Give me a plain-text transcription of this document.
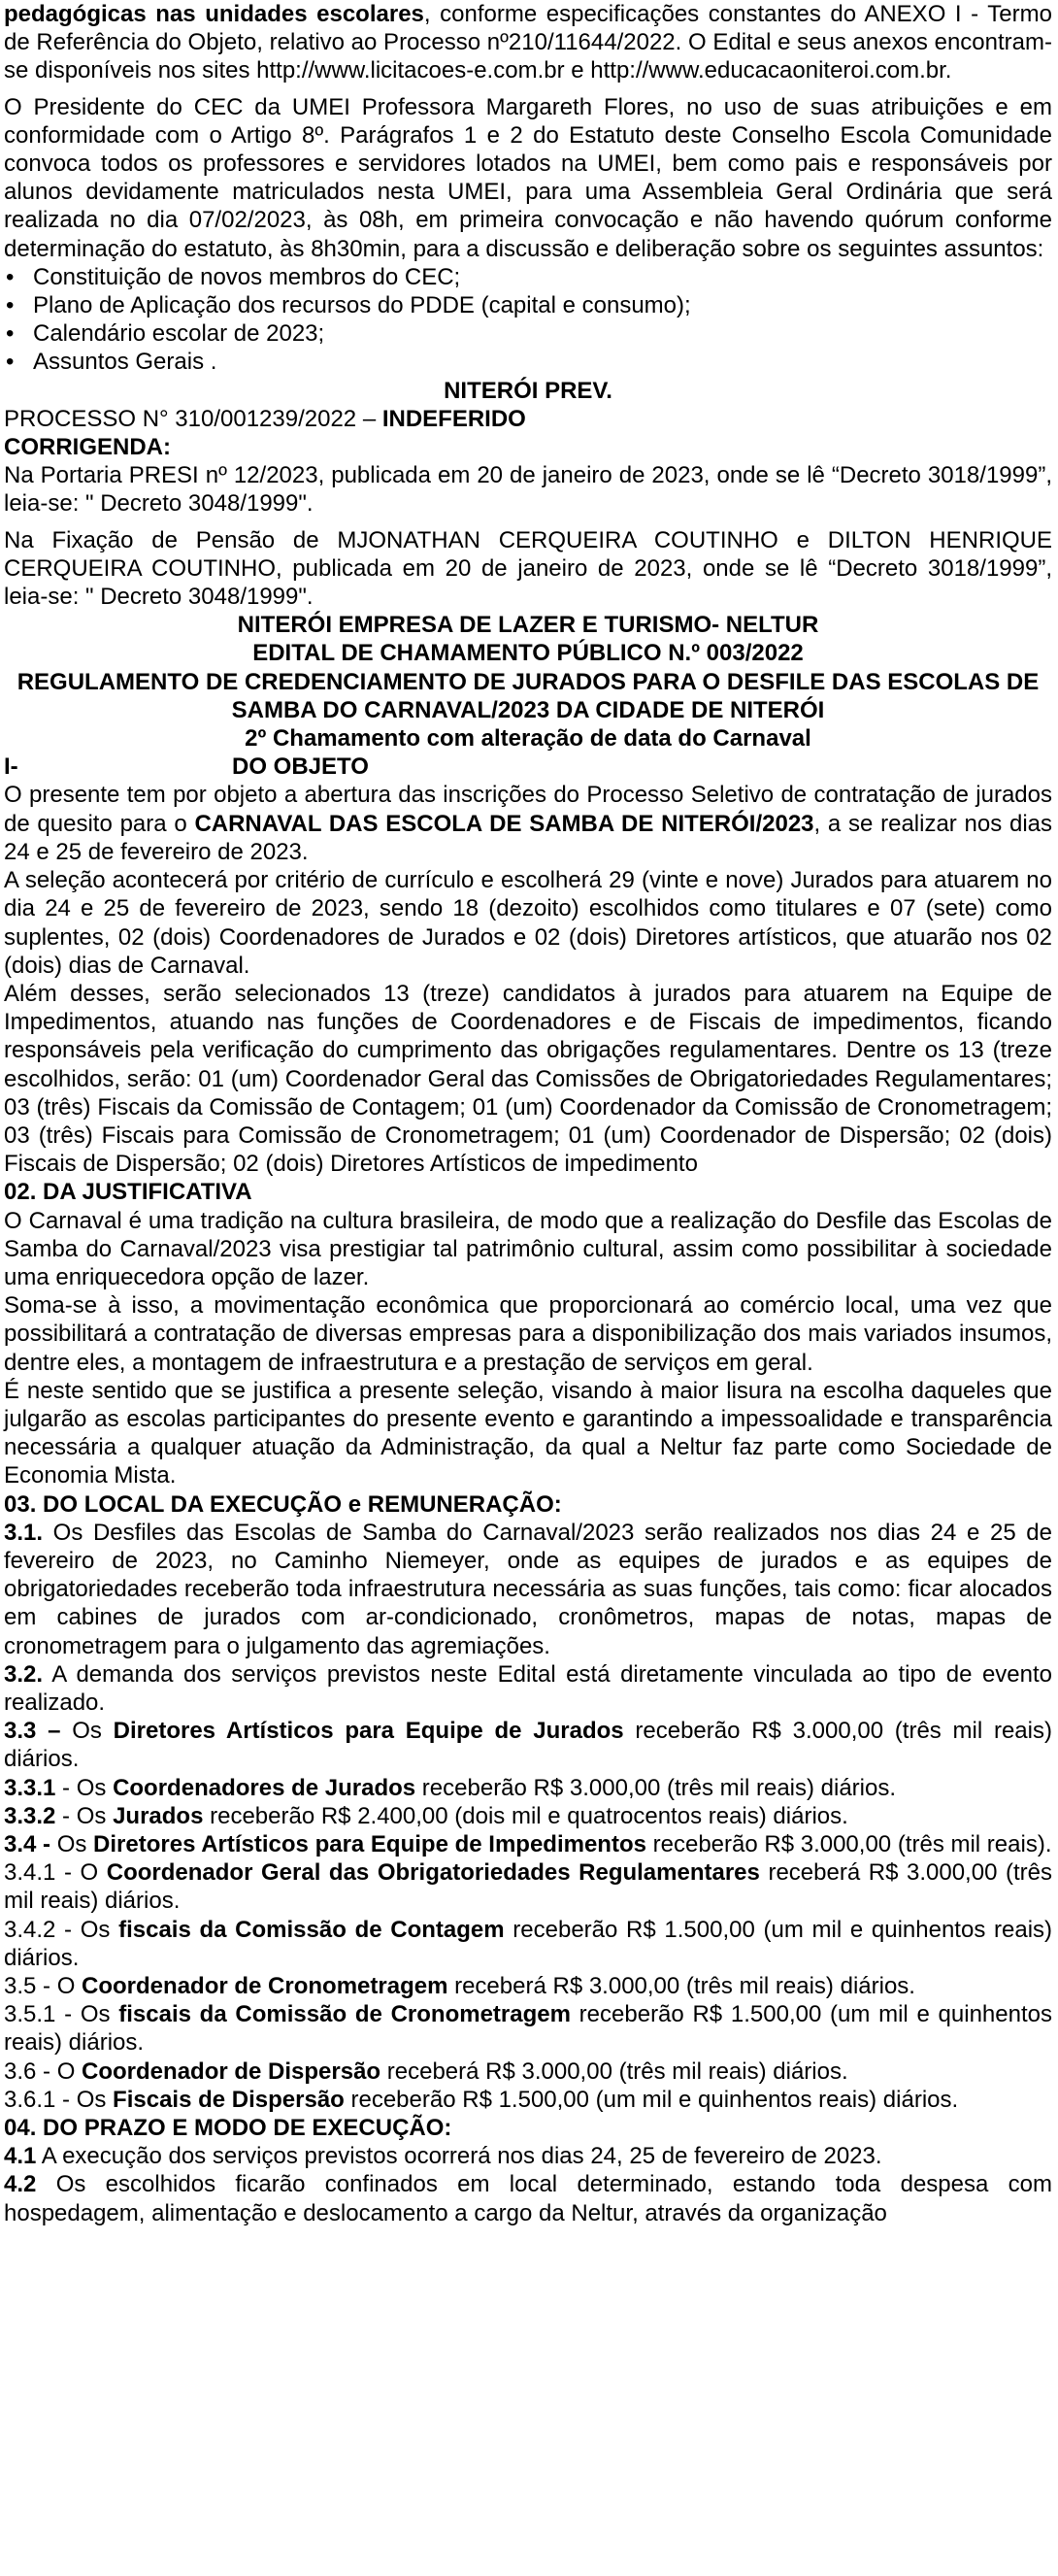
pedagógicas nas unidades escolares, conforme especificações constantes do ANEXO I - Termo de Referência do Objeto, relativo ao Processo nº210/11644/2022. O Edital e seus anexos encontram-se disponíveis nos sites http://www.licitacoes-e.com.br e http://www.educacaoniteroi.com.br.

O Presidente do CEC da UMEI Professora Margareth Flores, no uso de suas atribuições e em conformidade com o Artigo 8º. Parágrafos 1 e 2 do Estatuto deste Conselho Escola Comunidade convoca todos os professores e servidores lotados na UMEI, bem como pais e responsáveis por alunos devidamente matriculados nesta UMEI, para uma Assembleia Geral Ordinária que será realizada no dia 07/02/2023, às 08h, em primeira convocação e não havendo quórum conforme determinação do estatuto, às 8h30min, para a discussão e deliberação sobre os seguintes assuntos:

• Constituição de novos membros do CEC;
• Plano de Aplicação dos recursos do PDDE (capital e consumo);
• Calendário escolar de 2023;
• Assuntos Gerais .

NITERÓI PREV.

PROCESSO N° 310/001239/2022 – INDEFERIDO

CORRIGENDA:

Na Portaria PRESI nº 12/2023, publicada em 20 de janeiro de 2023, onde se lê “Decreto 3018/1999”, leia-se: " Decreto 3048/1999".

Na Fixação de Pensão de MJONATHAN CERQUEIRA COUTINHO e DILTON HENRIQUE CERQUEIRA COUTINHO, publicada em 20 de janeiro de 2023, onde se lê “Decreto 3018/1999”, leia-se: " Decreto 3048/1999".

NITERÓI EMPRESA DE LAZER E TURISMO- NELTUR

EDITAL DE CHAMAMENTO PÚBLICO N.º 003/2022

REGULAMENTO DE CREDENCIAMENTO DE JURADOS PARA O DESFILE DAS ESCOLAS DE SAMBA DO CARNAVAL/2023 DA CIDADE DE NITERÓI

2º Chamamento com alteração de data do Carnaval

I-	DO OBJETO

O presente tem por objeto a abertura das inscrições do Processo Seletivo de contratação de jurados de quesito para o CARNAVAL DAS ESCOLA DE SAMBA DE NITERÓI/2023, a se realizar nos dias 24 e 25 de fevereiro de 2023.

A seleção acontecerá por critério de currículo e escolherá 29 (vinte e nove) Jurados para atuarem no dia 24 e 25 de fevereiro de 2023, sendo 18 (dezoito) escolhidos como titulares e 07 (sete) como suplentes, 02 (dois) Coordenadores de Jurados e 02 (dois) Diretores artísticos, que atuarão nos 02 (dois) dias de Carnaval.

Além desses, serão selecionados 13 (treze) candidatos à jurados para atuarem na Equipe de Impedimentos, atuando nas funções de Coordenadores e de Fiscais de impedimentos, ficando responsáveis pela verificação do cumprimento das obrigações regulamentares. Dentre os 13 (treze escolhidos, serão: 01 (um) Coordenador Geral das Comissões de Obrigatoriedades Regulamentares; 03 (três) Fiscais da Comissão de Contagem; 01 (um) Coordenador da Comissão de Cronometragem; 03 (três) Fiscais para Comissão de Cronometragem; 01 (um) Coordenador de Dispersão; 02 (dois) Fiscais de Dispersão; 02 (dois) Diretores Artísticos de impedimento

02. DA JUSTIFICATIVA

O Carnaval é uma tradição na cultura brasileira, de modo que a realização do Desfile das Escolas de Samba do Carnaval/2023 visa prestigiar tal patrimônio cultural, assim como possibilitar à sociedade uma enriquecedora opção de lazer.

Soma-se à isso, a movimentação econômica que proporcionará ao comércio local, uma vez que possibilitará a contratação de diversas empresas para a disponibilização dos mais variados insumos, dentre eles, a montagem de infraestrutura e a prestação de serviços em geral.

É neste sentido que se justifica a presente seleção, visando à maior lisura na escolha daqueles que julgarão as escolas participantes do presente evento e garantindo a impessoalidade e transparência necessária a qualquer atuação da Administração, da qual a Neltur faz parte como Sociedade de Economia Mista.

03. DO LOCAL DA EXECUÇÃO e REMUNERAÇÃO:

3.1. Os Desfiles das Escolas de Samba do Carnaval/2023 serão realizados nos dias 24 e 25 de fevereiro de 2023, no Caminho Niemeyer, onde as equipes de jurados e as equipes de obrigatoriedades receberão toda infraestrutura necessária as suas funções, tais como: ficar alocados em cabines de jurados com ar-condicionado, cronômetros, mapas de notas, mapas de cronometragem para o julgamento das agremiações.

3.2. A demanda dos serviços previstos neste Edital está diretamente vinculada ao tipo de evento realizado.

3.3 – Os Diretores Artísticos para Equipe de Jurados receberão R$ 3.000,00 (três mil reais) diários.

3.3.1 - Os Coordenadores de Jurados receberão R$ 3.000,00 (três mil reais) diários.

3.3.2 - Os Jurados receberão R$ 2.400,00 (dois mil e quatrocentos reais) diários.

3.4 - Os Diretores Artísticos para Equipe de Impedimentos receberão R$ 3.000,00 (três mil reais).

3.4.1 - O Coordenador Geral das Obrigatoriedades Regulamentares receberá R$ 3.000,00 (três mil reais) diários.

3.4.2 - Os fiscais da Comissão de Contagem receberão R$ 1.500,00 (um mil e quinhentos reais) diários.

3.5 - O Coordenador de Cronometragem receberá R$ 3.000,00 (três mil reais) diários.

3.5.1 - Os fiscais da Comissão de Cronometragem receberão R$ 1.500,00 (um mil e quinhentos reais) diários.

3.6 - O Coordenador de Dispersão receberá R$ 3.000,00 (três mil reais) diários.

3.6.1 - Os Fiscais de Dispersão receberão R$ 1.500,00 (um mil e quinhentos reais) diários.

04. DO PRAZO E MODO DE EXECUÇÃO:

4.1 A execução dos serviços previstos ocorrerá nos dias 24, 25 de fevereiro de 2023.

4.2 Os escolhidos ficarão confinados em local determinado, estando toda despesa com hospedagem, alimentação e deslocamento a cargo da Neltur, através da organização
